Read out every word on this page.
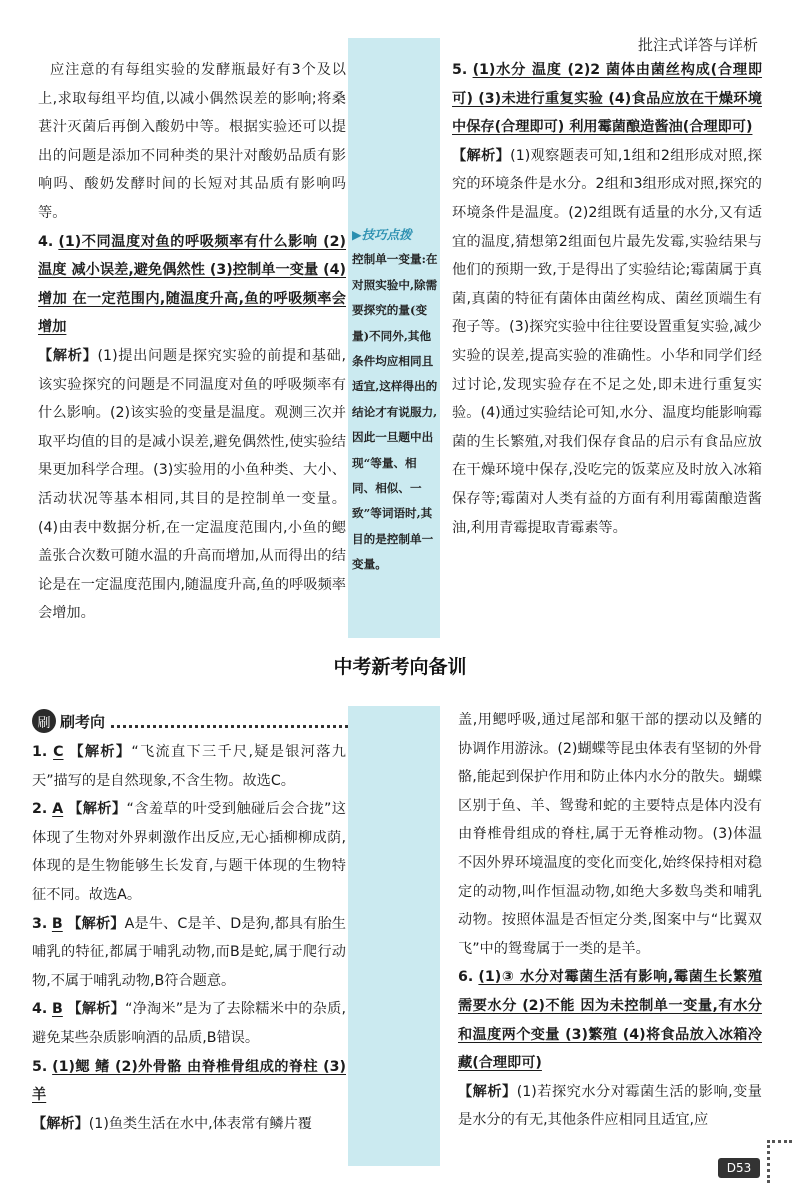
批注式详答与详析

应注意的有每组实验的发酵瓶最好有3个及以上,求取每组平均值,以减小偶然误差的影响;将桑葚汁灭菌后再倒入酸奶中等。根据实验还可以提出的问题是添加不同种类的果汁对酸奶品质有影响吗、酸奶发酵时间的长短对其品质有影响吗等。

4. (1)不同温度对鱼的呼吸频率有什么影响 (2)温度 减小误差,避免偶然性 (3)控制单一变量 (4)增加 在一定范围内,随温度升高,鱼的呼吸频率会增加

【解析】(1)提出问题是探究实验的前提和基础,该实验探究的问题是不同温度对鱼的呼吸频率有什么影响。(2)该实验的变量是温度。观测三次并取平均值的目的是减小误差,避免偶然性,使实验结果更加科学合理。(3)实验用的小鱼种类、大小、活动状况等基本相同,其目的是控制单一变量。(4)由表中数据分析,在一定温度范围内,小鱼的鳃盖张合次数可随水温的升高而增加,从而得出的结论是在一定温度范围内,随温度升高,鱼的呼吸频率会增加。

▶技巧点拨
控制单一变量:在对照实验中,除需要探究的量(变量)不同外,其他条件均应相同且适宜,这样得出的结论才有说服力,因此一旦题中出现“等量、相同、相似、一致”等词语时,其目的是控制单一变量。

5. (1)水分 温度 (2)2 菌体由菌丝构成(合理即可) (3)未进行重复实验 (4)食品应放在干燥环境中保存(合理即可) 利用霉菌酿造酱油(合理即可)

【解析】(1)观察题表可知,1组和2组形成对照,探究的环境条件是水分。2组和3组形成对照,探究的环境条件是温度。(2)2组既有适量的水分,又有适宜的温度,猜想第2组面包片最先发霉,实验结果与他们的预期一致,于是得出了实验结论;霉菌属于真菌,真菌的特征有菌体由菌丝构成、菌丝顶端生有孢子等。(3)探究实验中往往要设置重复实验,减少实验的误差,提高实验的准确性。小华和同学们经过讨论,发现实验存在不足之处,即未进行重复实验。(4)通过实验结论可知,水分、温度均能影响霉菌的生长繁殖,对我们保存食品的启示有食品应放在干燥环境中保存,没吃完的饭菜应及时放入冰箱保存等;霉菌对人类有益的方面有利用霉菌酿造酱油,利用青霉提取青霉素等。

中考新考向备训
刷 刷考向

1. C 【解析】“飞流直下三千尺,疑是银河落九天”描写的是自然现象,不含生物。故选C。

2. A 【解析】“含羞草的叶受到触碰后会合拢”这体现了生物对外界刺激作出反应,无心插柳柳成荫,体现的是生物能够生长发育,与题干体现的生物特征不同。故选A。

3. B 【解析】A是牛、C是羊、D是狗,都具有胎生哺乳的特征,都属于哺乳动物,而B是蛇,属于爬行动物,不属于哺乳动物,B符合题意。

4. B 【解析】“净淘米”是为了去除糯米中的杂质,避免某些杂质影响酒的品质,B错误。

5. (1)鳃 鳍 (2)外骨骼 由脊椎骨组成的脊柱 (3)羊

【解析】(1)鱼类生活在水中,体表常有鳞片覆

盖,用鳃呼吸,通过尾部和躯干部的摆动以及鳍的协调作用游泳。(2)蝴蝶等昆虫体表有坚韧的外骨骼,能起到保护作用和防止体内水分的散失。蝴蝶区别于鱼、羊、鸳鸯和蛇的主要特点是体内没有由脊椎骨组成的脊柱,属于无脊椎动物。(3)体温不因外界环境温度的变化而变化,始终保持相对稳定的动物,叫作恒温动物,如绝大多数鸟类和哺乳动物。按照体温是否恒定分类,图案中与“比翼双飞”中的鸳鸯属于一类的是羊。

6. (1)③ 水分对霉菌生活有影响,霉菌生长繁殖需要水分 (2)不能 因为未控制单一变量,有水分和温度两个变量 (3)繁殖 (4)将食品放入冰箱冷藏(合理即可)

【解析】(1)若探究水分对霉菌生活的影响,变量是水分的有无,其他条件应相同且适宜,应

D53
